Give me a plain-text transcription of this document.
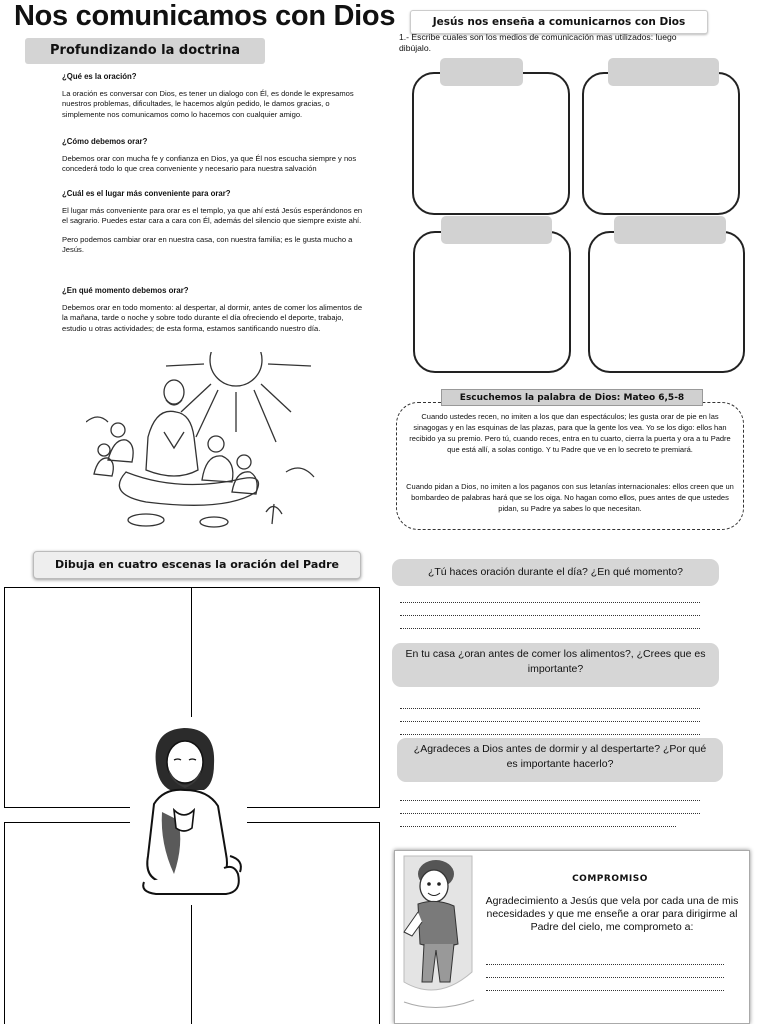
Nos comunicamos con Dios
Profundizando la doctrina
¿Qué es la oración?
La oración es conversar con Dios, es tener un dialogo con Él, es donde le expresamos nuestros problemas, dificultades, le hacemos algún pedido, le damos gracias, o simplemente nos comunicamos como lo hacemos con cualquier amigo.
¿Cómo debemos orar?
Debemos orar con mucha fe y confianza en Dios, ya que Él nos escucha siempre y nos concederá todo lo que crea conveniente y necesario para nuestra salvación
¿Cuál es el lugar más conveniente para orar?
El lugar más conveniente para orar es el templo, ya que ahí está Jesús esperándonos en el sagrario. Puedes estar cara a cara con Él, además del silencio que siempre existe ahí.
Pero podemos cambiar orar en nuestra casa, con nuestra familia; es le gusta mucho a Jesús.
¿En qué momento debemos orar?
Debemos orar en todo momento: al despertar, al dormir, antes de comer los alimentos de la mañana, tarde o noche y sobre todo durante el día ofreciendo el deporte, trabajo, estudio u otras actividades; de esta forma, estamos santificando nuestro día.
Dibuja en cuatro escenas la oración del Padre
Jesús nos enseña a comunicarnos con Dios
1.- Escribe cuales son los medios de comunicación mas utilizados: luego dibújalo.
Escuchemos la palabra de Dios: Mateo 6,5-8
Cuando ustedes recen, no imiten a los que dan espectáculos; les gusta orar de pie en las sinagogas y en las esquinas de las plazas, para que la gente los vea. Yo se los digo: ellos han recibido ya su premio. Pero tú, cuando reces, entra en tu cuarto, cierra la puerta y ora a tu Padre que está allí, a solas contigo. Y tu Padre que ve en lo secreto te premiará.
Cuando pidan a Dios, no imiten a los paganos con sus letanías internacionales: ellos creen que un bombardeo de palabras hará que se los oiga. No hagan como ellos, pues antes de que ustedes pidan, su Padre ya sabes lo que necesitan.
¿Tú haces oración durante el día? ¿En qué momento?
En tu casa ¿oran antes de comer los alimentos?, ¿Crees que es importante?
¿Agradeces a Dios antes de dormir y al despertarte? ¿Por qué es importante hacerlo?
COMPROMISO
Agradecimiento a Jesús que vela por cada una de mis necesidades y que me enseñe a orar para dirigirme al Padre del cielo, me comprometo a:
